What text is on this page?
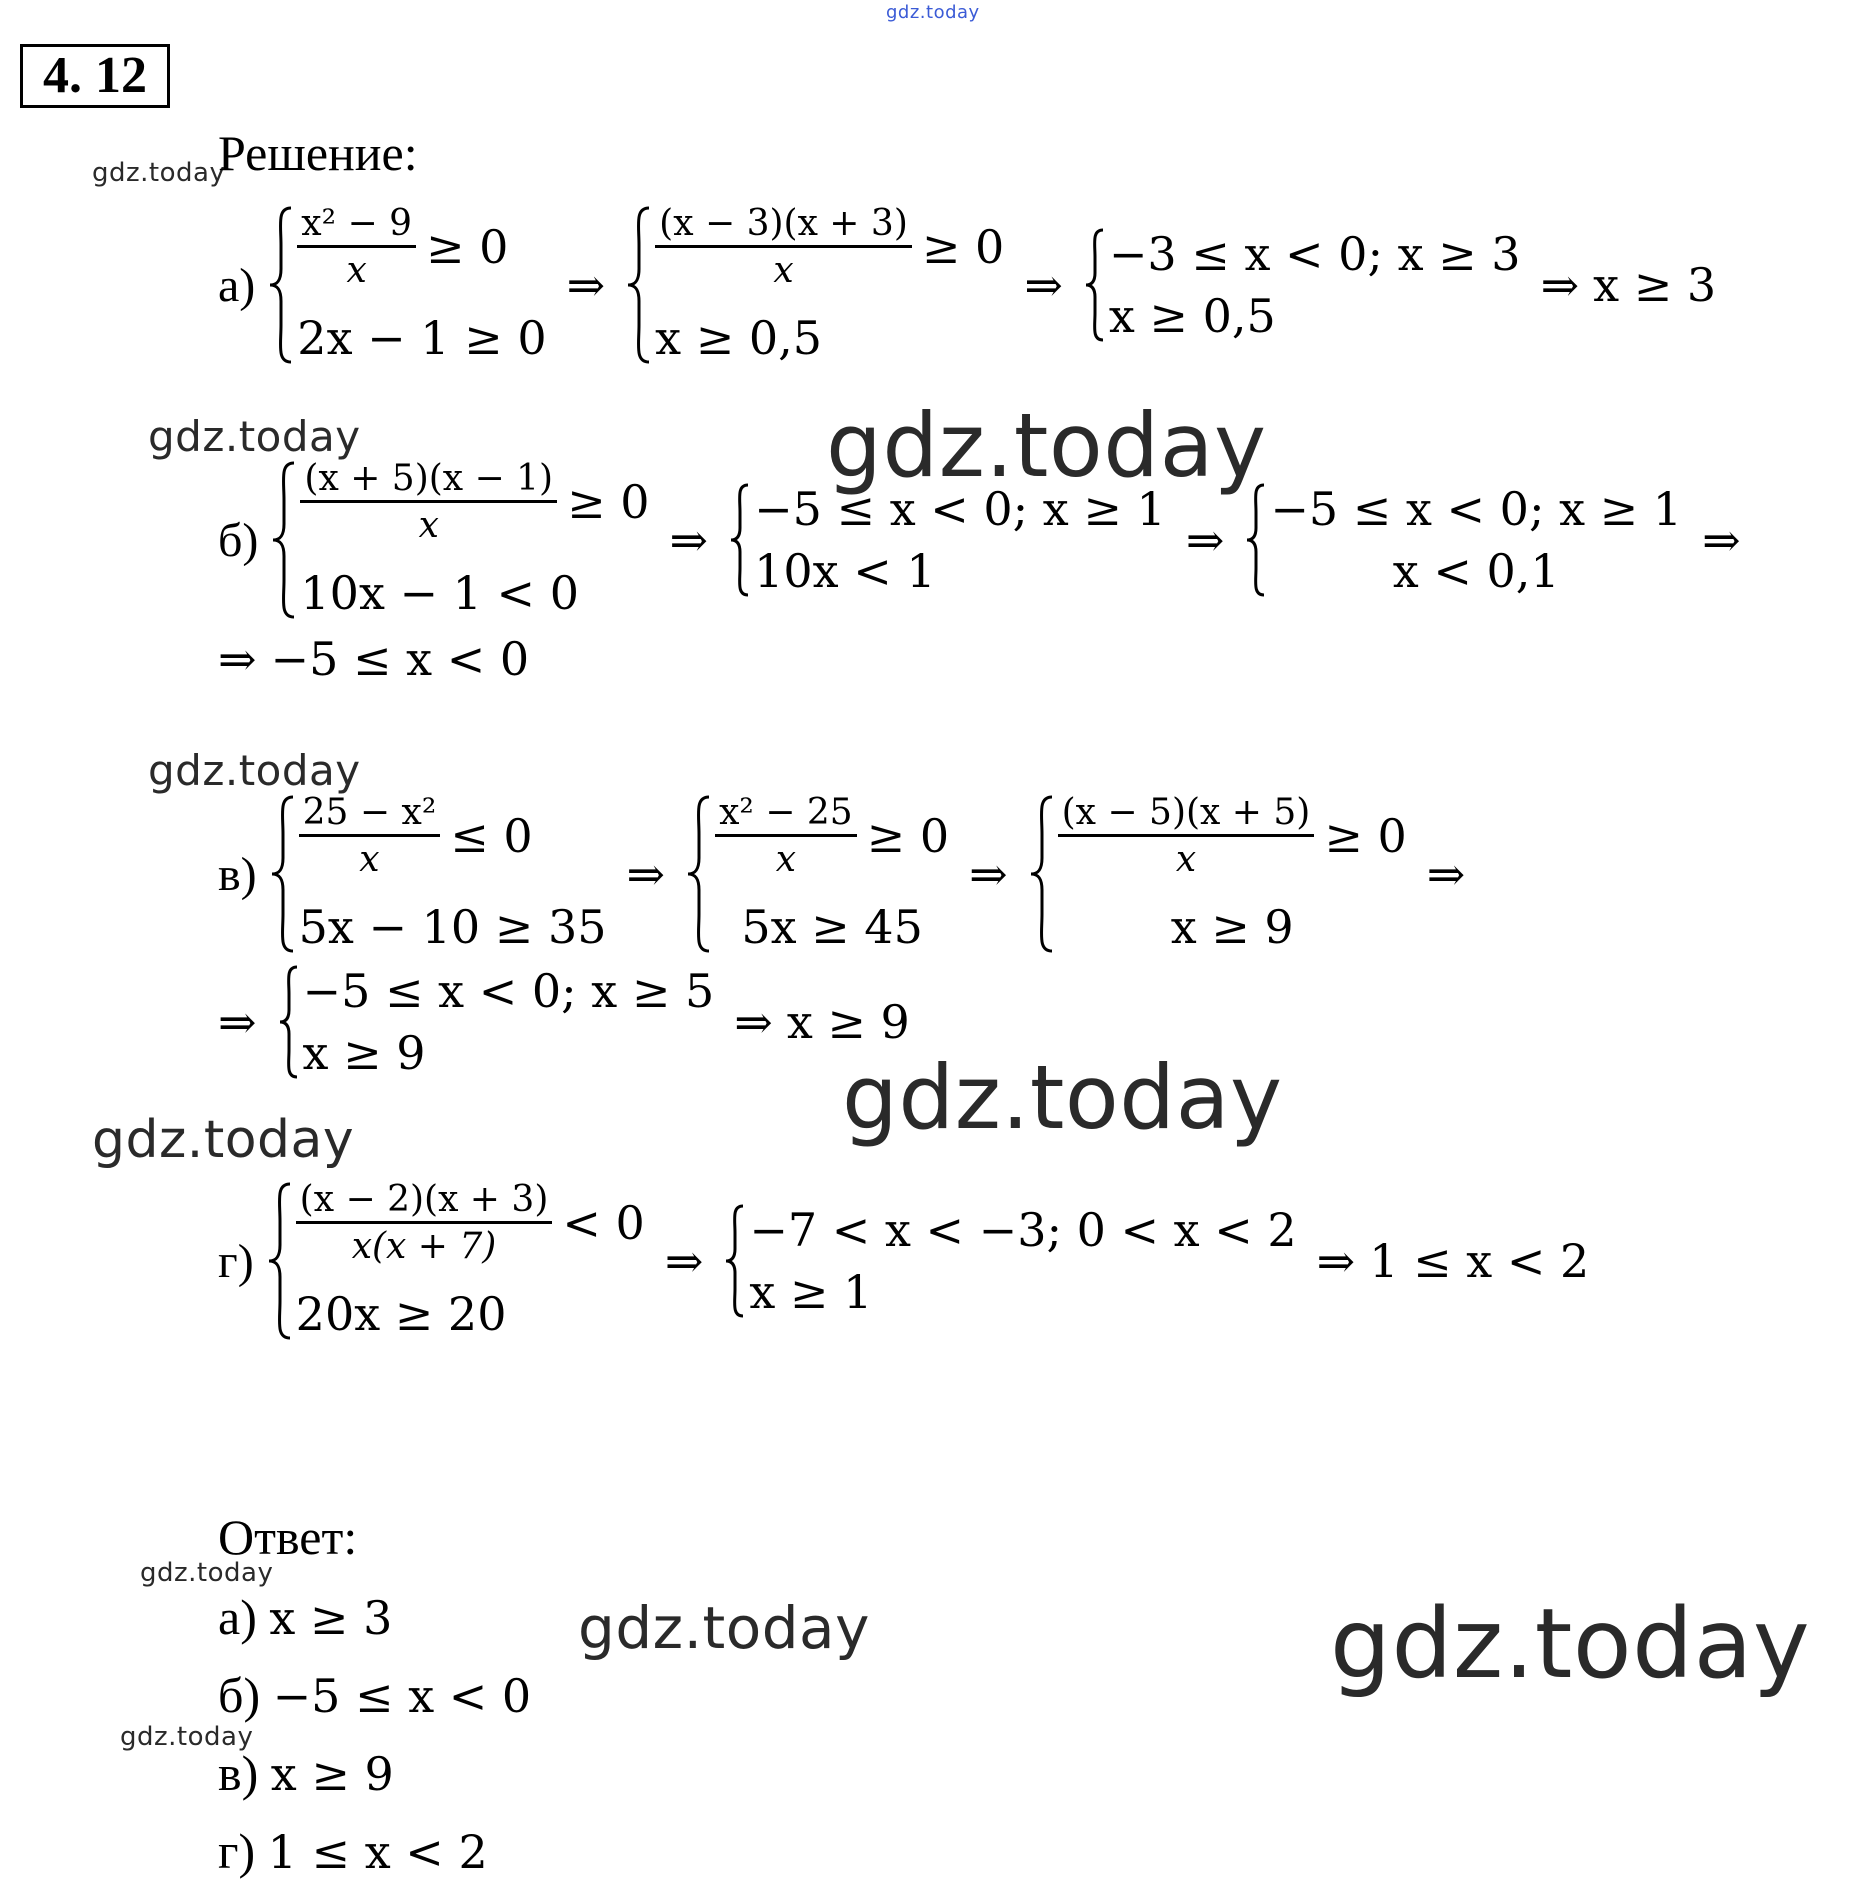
gdz.today
gdz.today
gdz.today	gdz.today
gdz.today
gdz.today
gdz.today
gdz.today
gdz.today	gdz.today
gdz.today
4. 12
Решение:
$а) \frac{\text{x² − 9}}{x} \ge 0$
2x − 1 ≥ 0
⇒ $\frac{(x - 3)(x + 3)}{x} \ge 0$
x ≥ 0,5
⇒
−3 ≤ x < 0; x ≥ 3
x ≥ 0,5
⇒ x ≥ 3
$б) \frac{(x + 5)(x - 1)}{x} \ge 0$
10x − 1 < 0
⇒
−5 ≤ x < 0; x ≥ 1
10x < 1
⇒
−5 ≤ x < 0; x ≥ 1
x < 0,1
⇒
⇒ −5 ≤ x < 0
$в) \frac{\text{25 − x²}}{x} \le 0$
5x − 10 ≥ 35
⇒ $\frac{\text{x² − 25}}{x} \ge 0$
5x ≥ 45
⇒ $\frac{(x - 5)(x + 5)}{x} \ge 0$
x ≥ 9
⇒
⇒
−5 ≤ x < 0; x ≥ 5
x ≥ 9
⇒ x ≥ 9
$г) \frac{(x - 2)(x + 3)}{x(x + 7)} < 0$
20x ≥ 20
⇒
−7 < x < −3; 0 < x < 2
x ≥ 1
⇒ 1 ≤ x < 2
Ответ:
а) x ≥ 3
б) −5 ≤ x < 0
в) x ≥ 9
г) 1 ≤ x < 2
